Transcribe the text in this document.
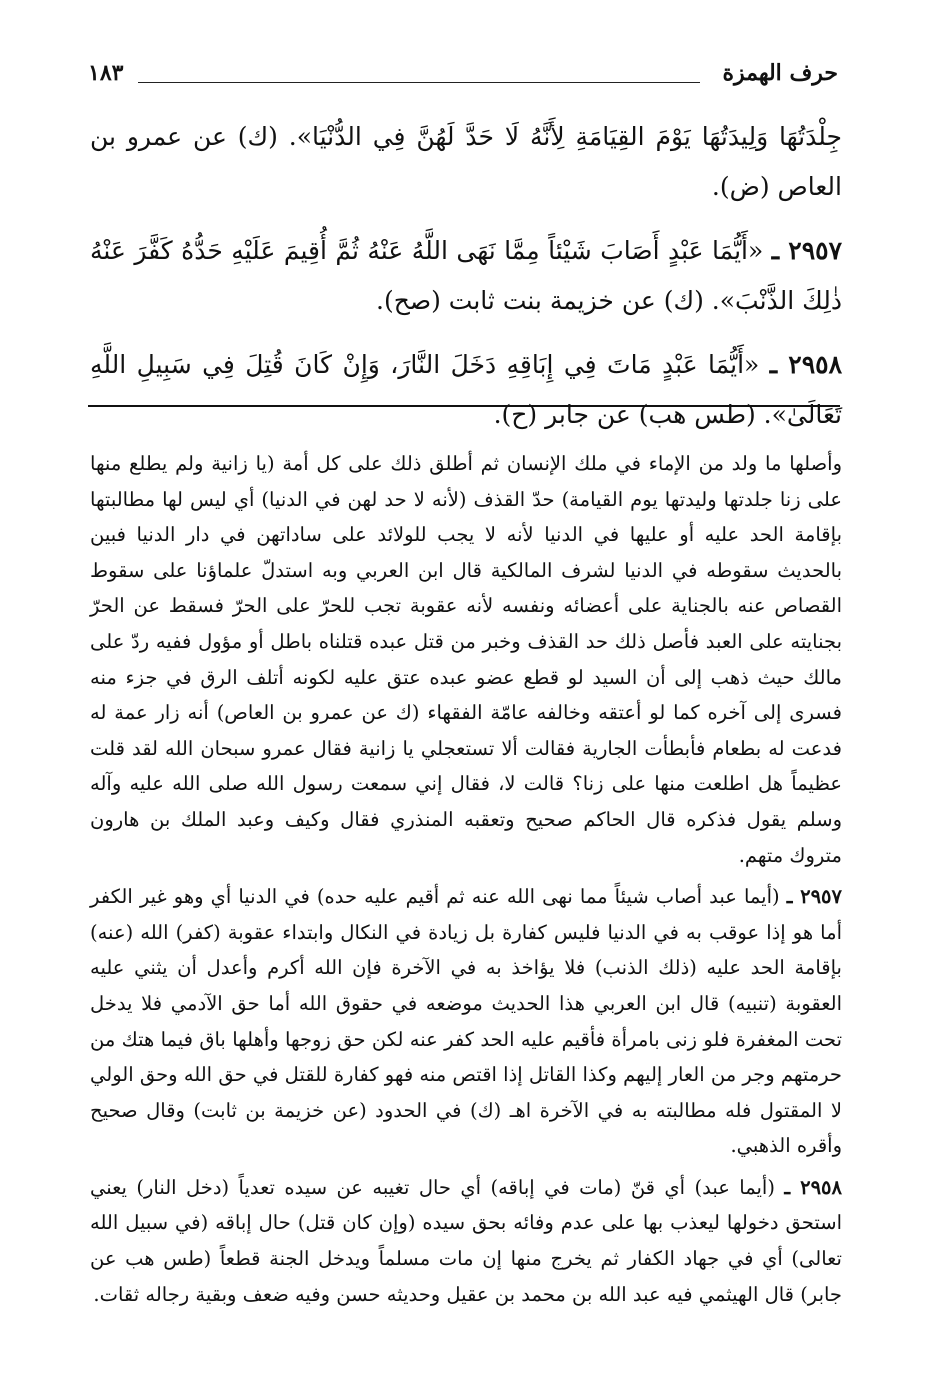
حرف الهمزة
١٨٣

جِلْدَتُهَا وَلِيدَتُهَا يَوْمَ القِيَامَةِ لِأَنَّهُ لَا حَدَّ لَهُنَّ فِي الدُّنْيَا». (ك) عن عمرو بن العاص (ض).

٢٩٥٧ ـ «أَيُّمَا عَبْدٍ أَصَابَ شَيْئاً مِمَّا نَهَى اللَّهُ عَنْهُ ثُمَّ أُقِيمَ عَلَيْهِ حَدُّهُ كَفَّرَ عَنْهُ ذٰلِكَ الذَّنْبَ». (ك) عن خزيمة بنت ثابت (صح).

٢٩٥٨ ـ «أَيُّمَا عَبْدٍ مَاتَ فِي إِبَاقِهِ دَخَلَ النَّارَ، وَإِنْ كَانَ قُتِلَ فِي سَبِيلِ اللَّهِ تَعَالَىٰ». (طس هب) عن جابر (ح).

وأصلها ما ولد من الإماء في ملك الإنسان ثم أطلق ذلك على كل أمة (يا زانية ولم يطلع منها على زنا جلدتها وليدتها يوم القيامة) حدّ القذف (لأنه لا حد لهن في الدنيا) أي ليس لها مطالبتها بإقامة الحد عليه أو عليها في الدنيا لأنه لا يجب للولائد على ساداتهن في دار الدنيا فبين بالحديث سقوطه في الدنيا لشرف المالكية قال ابن العربي وبه استدلّ علماؤنا على سقوط القصاص عنه بالجناية على أعضائه ونفسه لأنه عقوبة تجب للحرّ على الحرّ فسقط عن الحرّ بجنايته على العبد فأصل ذلك حد القذف وخبر من قتل عبده قتلناه باطل أو مؤول ففيه ردّ على مالك حيث ذهب إلى أن السيد لو قطع عضو عبده عتق عليه لكونه أتلف الرق في جزء منه فسرى إلى آخره كما لو أعتقه وخالفه عامّة الفقهاء (ك عن عمرو بن العاص) أنه زار عمة له فدعت له بطعام فأبطأت الجارية فقالت ألا تستعجلي يا زانية فقال عمرو سبحان الله لقد قلت عظيماً هل اطلعت منها على زنا؟ قالت لا، فقال إني سمعت رسول الله صلى الله عليه وآله وسلم يقول فذكره قال الحاكم صحيح وتعقبه المنذري فقال وكيف وعبد الملك بن هارون متروك متهم.

٢٩٥٧ ـ (أيما عبد أصاب شيئاً مما نهى الله عنه ثم أقيم عليه حده) في الدنيا أي وهو غير الكفر أما هو إذا عوقب به في الدنيا فليس كفارة بل زيادة في النكال وابتداء عقوبة (كفر) الله (عنه) بإقامة الحد عليه (ذلك الذنب) فلا يؤاخذ به في الآخرة فإن الله أكرم وأعدل أن يثني عليه العقوبة (تنبيه) قال ابن العربي هذا الحديث موضعه في حقوق الله أما حق الآدمي فلا يدخل تحت المغفرة فلو زنى بامرأة فأقيم عليه الحد كفر عنه لكن حق زوجها وأهلها باق فيما هتك من حرمتهم وجر من العار إليهم وكذا القاتل إذا اقتص منه فهو كفارة للقتل في حق الله وحق الولي لا المقتول فله مطالبته به في الآخرة اهـ (ك) في الحدود (عن خزيمة بن ثابت) وقال صحيح وأقره الذهبي.

٢٩٥٨ ـ (أيما عبد) أي قنّ (مات في إباقه) أي حال تغيبه عن سيده تعدياً (دخل النار) يعني استحق دخولها ليعذب بها على عدم وفائه بحق سيده (وإن كان قتل) حال إباقه (في سبيل الله تعالى) أي في جهاد الكفار ثم يخرج منها إن مات مسلماً ويدخل الجنة قطعاً (طس هب عن جابر) قال الهيثمي فيه عبد الله بن محمد بن عقيل وحديثه حسن وفيه ضعف وبقية رجاله ثقات.
